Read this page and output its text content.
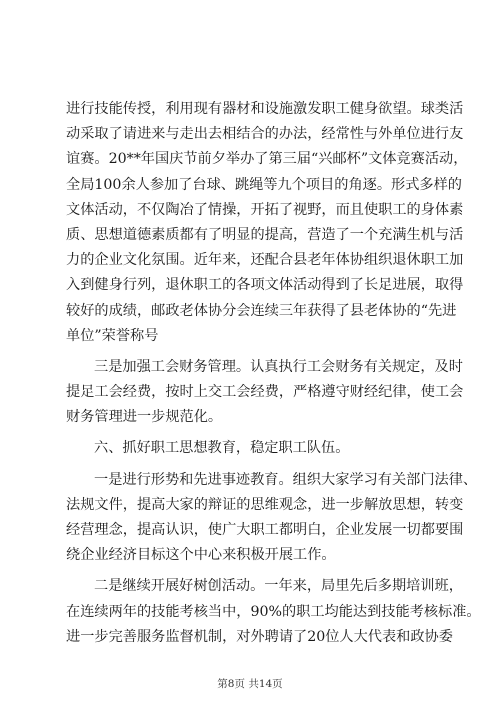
进行技能传授，利用现有器材和设施激发职工健身欲望。球类活
动采取了请进来与走出去相结合的办法，经常性与外单位进行友
谊赛。20**年国庆节前夕举办了第三届“兴邮杯”文体竞赛活动，
全局100余人参加了台球、跳绳等九个项目的角逐。形式多样的
文体活动，不仅陶冶了情操，开拓了视野，而且使职工的身体素
质、思想道德素质都有了明显的提高，营造了一个充满生机与活
力的企业文化氛围。近年来，还配合县老年体协组织退休职工加
入到健身行列，退休职工的各项文体活动得到了长足进展，取得
较好的成绩，邮政老体协分会连续三年获得了县老体协的“先进
单位”荣誉称号
三是加强工会财务管理。认真执行工会财务有关规定，及时
提足工会经费，按时上交工会经费，严格遵守财经纪律，使工会
财务管理进一步规范化。
六、抓好职工思想教育，稳定职工队伍。
一是进行形势和先进事迹教育。组织大家学习有关部门法律、
法规文件，提高大家的辩证的思维观念，进一步解放思想，转变
经营理念，提高认识，使广大职工都明白，企业发展一切都要围
绕企业经济目标这个中心来积极开展工作。
二是继续开展好树创活动。一年来，局里先后多期培训班，
在连续两年的技能考核当中，90%的职工均能达到技能考核标准。
进一步完善服务监督机制，对外聘请了20位人大代表和政协委
第8页 共14页
